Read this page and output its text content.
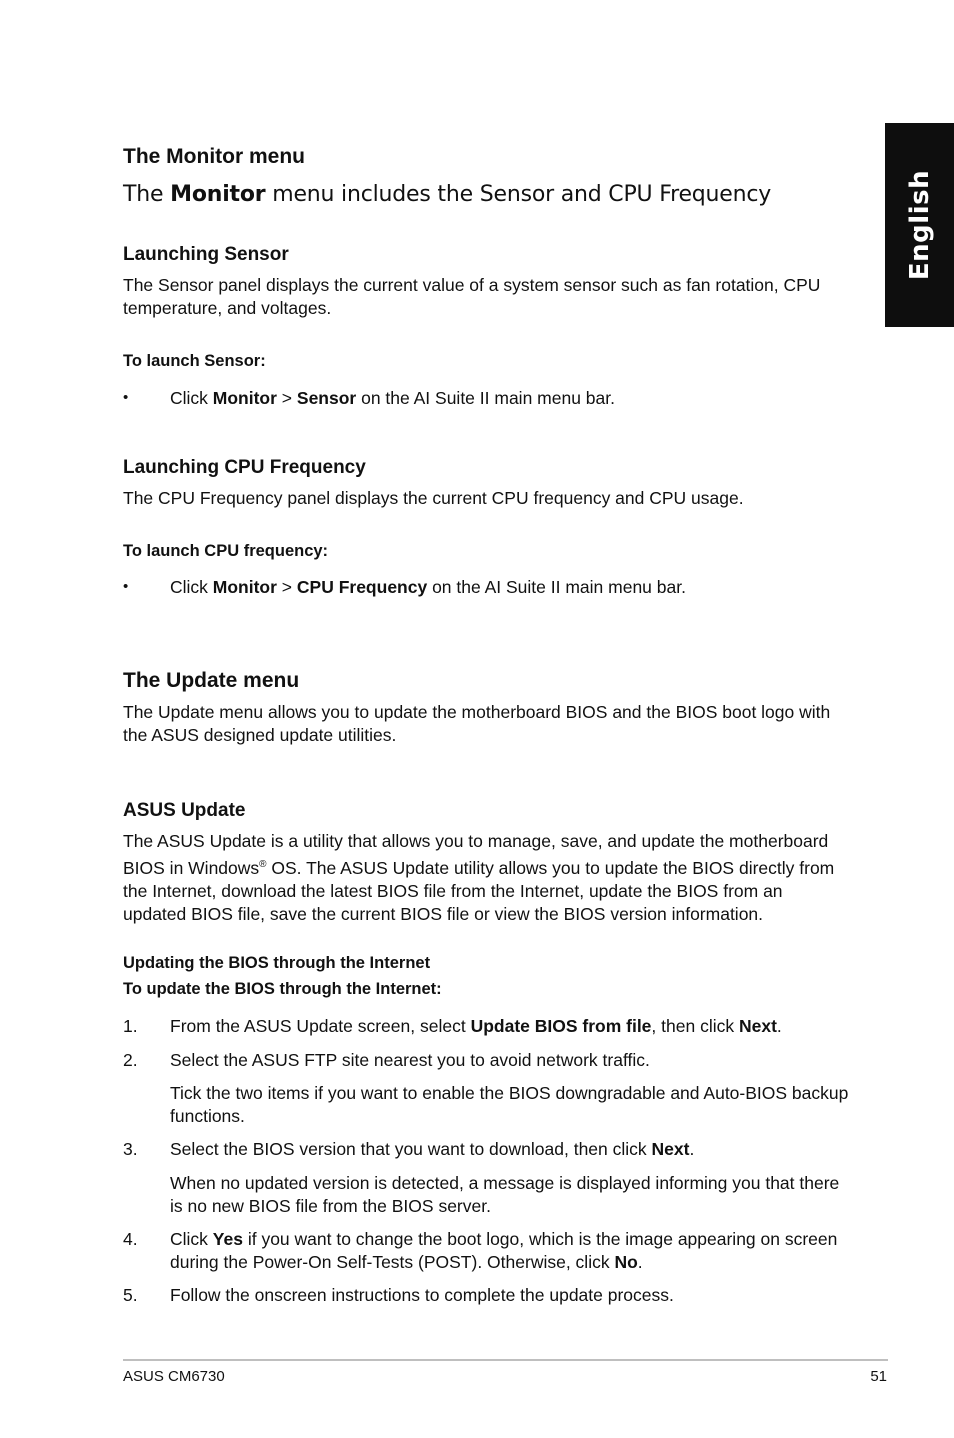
English
The Monitor menu
The Monitor menu includes the Sensor and CPU Frequency
Launching Sensor
The Sensor panel displays the current value of a system sensor such as fan rotation, CPU temperature, and voltages.
To launch Sensor:
• Click Monitor > Sensor on the AI Suite II main menu bar.
Launching CPU Frequency
The CPU Frequency panel displays the current CPU frequency and CPU usage.
To launch CPU frequency:
• Click Monitor > CPU Frequency on the AI Suite II main menu bar.
The Update menu
The Update menu allows you to update the motherboard BIOS and the BIOS boot logo with the ASUS designed update utilities.
ASUS Update
The ASUS Update is a utility that allows you to manage, save, and update the motherboard BIOS in Windows® OS. The ASUS Update utility allows you to update the BIOS directly from the Internet, download the latest BIOS file from the Internet, update the BIOS from an updated BIOS file, save the current BIOS file or view the BIOS version information.
Updating the BIOS through the Internet
To update the BIOS through the Internet:
1. From the ASUS Update screen, select Update BIOS from file, then click Next.
2. Select the ASUS FTP site nearest you to avoid network traffic.
Tick the two items if you want to enable the BIOS downgradable and Auto-BIOS backup functions.
3. Select the BIOS version that you want to download, then click Next.
When no updated version is detected, a message is displayed informing you that there is no new BIOS file from the BIOS server.
4. Click Yes if you want to change the boot logo, which is the image appearing on screen during the Power-On Self-Tests (POST). Otherwise, click No.
5. Follow the onscreen instructions to complete the update process.
ASUS CM6730	51
